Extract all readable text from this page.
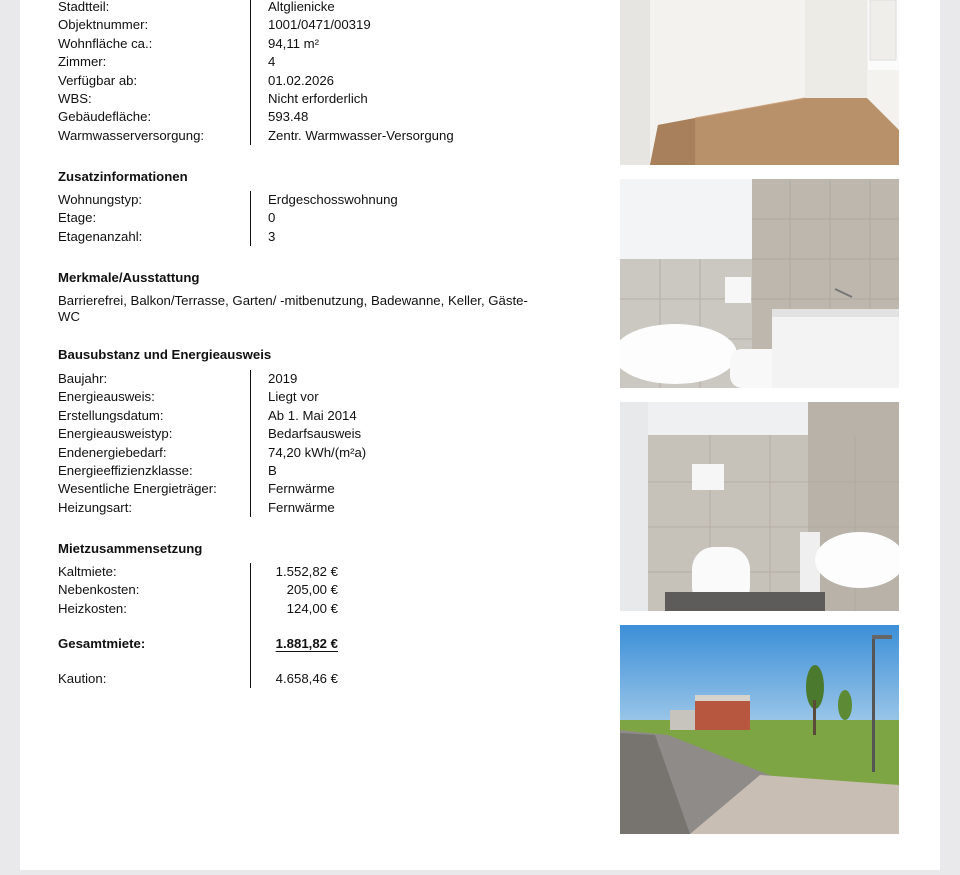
Stadtteil:	Altglienicke
Objektnummer:	1001/0471/00319
Wohnfläche ca.:	94,11 m²
Zimmer:	4
Verfügbar ab:	01.02.2026
WBS:	Nicht erforderlich
Gebäudefläche:	593.48
Warmwasserversorgung:	Zentr. Warmwasser-Versorgung
Zusatzinformationen
Wohnungstyp:	Erdgeschosswohnung
Etage:	0
Etagenanzahl:	3
Merkmale/Ausstattung
Barrierefrei, Balkon/Terrasse, Garten/ -mitbenutzung, Badewanne, Keller, Gäste-WC
Bausubstanz und Energieausweis
Baujahr:	2019
Energieausweis:	Liegt vor
Erstellungsdatum:	Ab 1. Mai 2014
Energieausweistyp:	Bedarfsausweis
Endenergiebedarf:	74,20 kWh/(m²a)
Energieeffizienzklasse:	B
Wesentliche Energieträger:	Fernwärme
Heizungsart:	Fernwärme
Mietzusammensetzung
Kaltmiete:	1.552,82 €
Nebenkosten:	205,00 €
Heizkosten:	124,00 €
Gesamtmiete:	1.881,82 €
Kaution:	4.658,46 €
